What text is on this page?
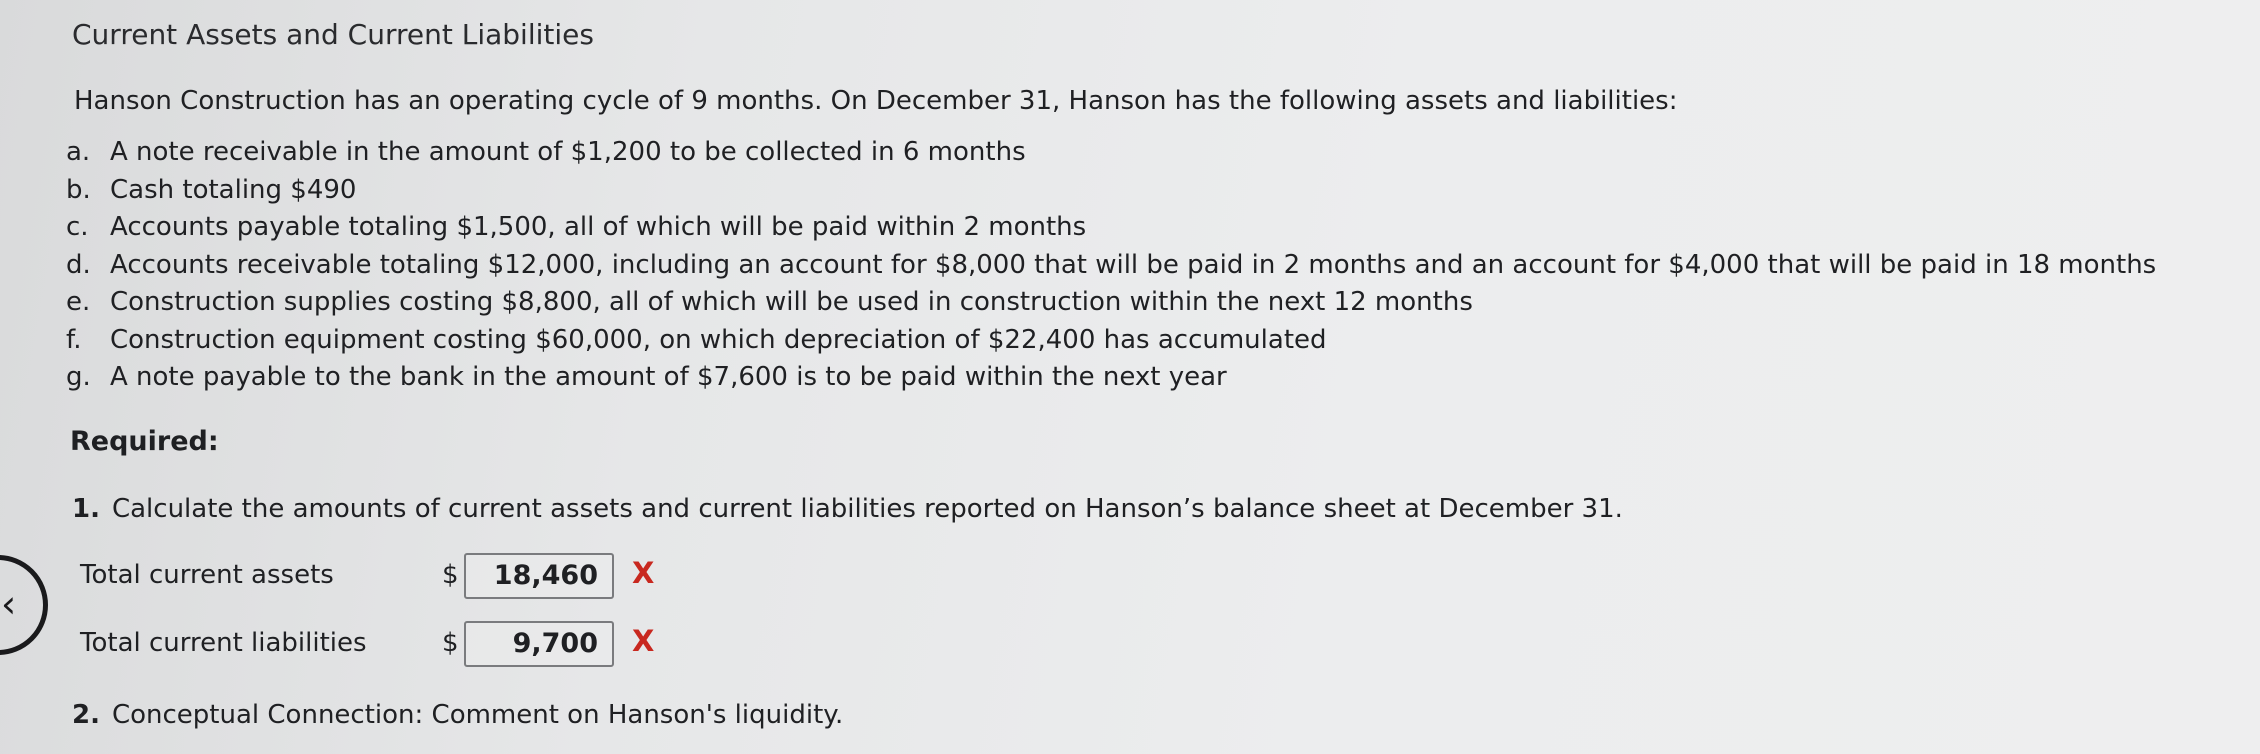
Current Assets and Current Liabilities
Hanson Construction has an operating cycle of 9 months. On December 31, Hanson has the following assets and liabilities:
a. A note receivable in the amount of $1,200 to be collected in 6 months
b. Cash totaling $490
c. Accounts payable totaling $1,500, all of which will be paid within 2 months
d. Accounts receivable totaling $12,000, including an account for $8,000 that will be paid in 2 months and an account for $4,000 that will be paid in 18 months
e. Construction supplies costing $8,800, all of which will be used in construction within the next 12 months
f. Construction equipment costing $60,000, on which depreciation of $22,400 has accumulated
g. A note payable to the bank in the amount of $7,600 is to be paid within the next year
Required:
1. Calculate the amounts of current assets and current liabilities reported on Hanson’s balance sheet at December 31.
‹
Total current assets	$	18,460	X
Total current liabilities	$	9,700	X
2. Conceptual Connection: Comment on Hanson's liquidity.
